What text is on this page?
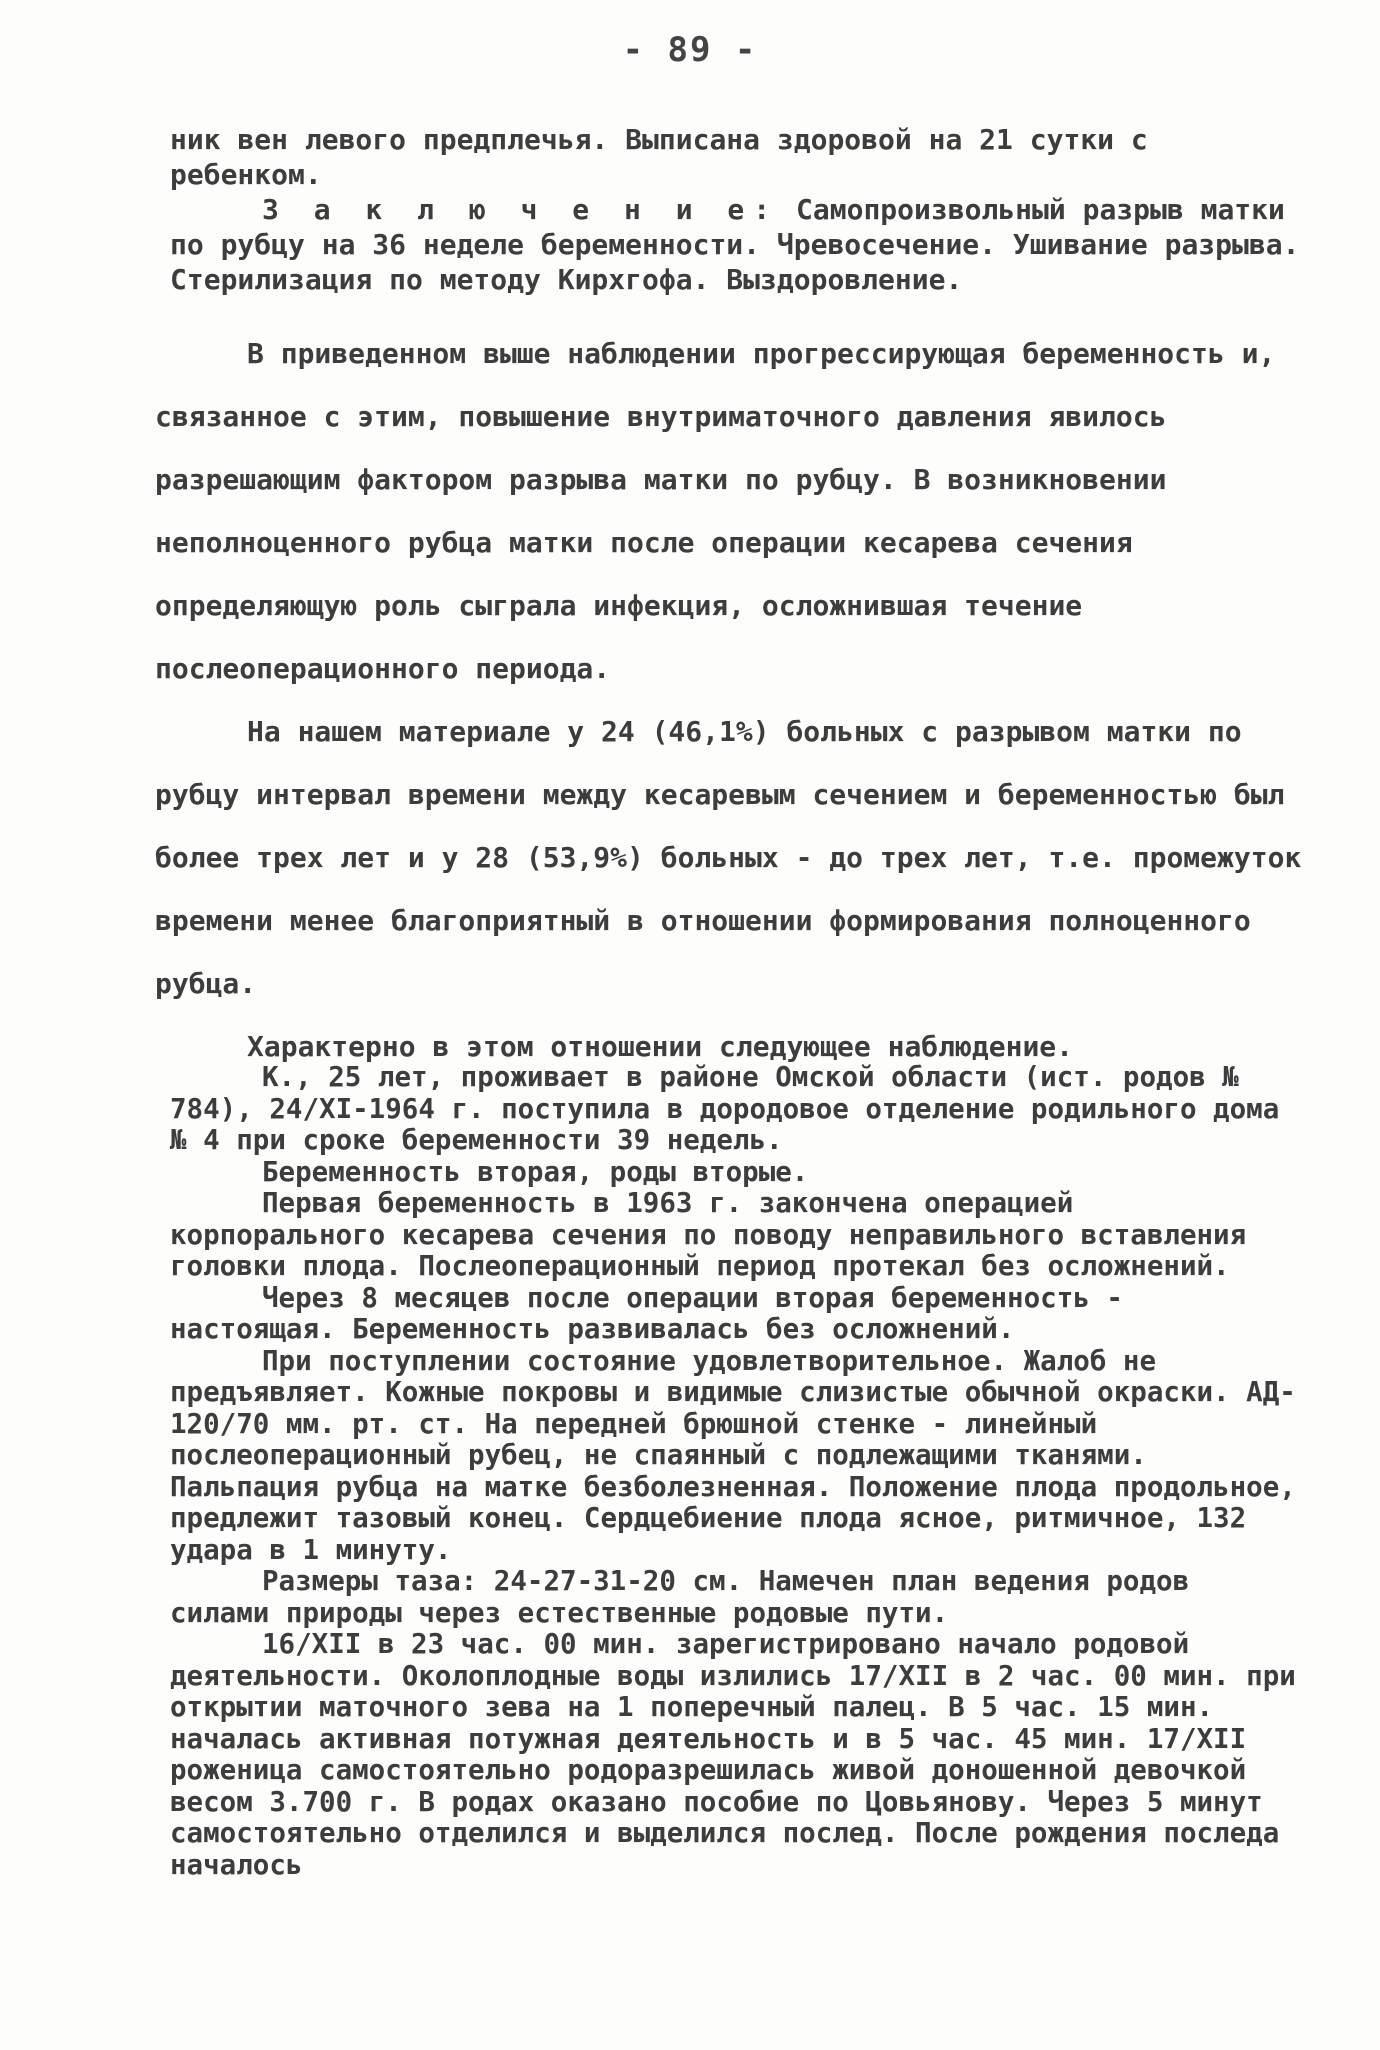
- 89 -

ник вен левого предплечья. Выписана здоровой на 21 сутки с ребенком.

З а к л ю ч е н и е: Самопроизвольный разрыв матки по рубцу на 36 неделе беременности. Чревосечение. Ушивание разрыва. Стерилизация по методу Кирхгофа. Выздоровление.

В приведенном выше наблюдении прогрессирующая беременность и, связанное с этим, повышение внутриматочного давления явилось разрешающим фактором разрыва матки по рубцу. В возникновении неполноценного рубца матки после операции кесарева сечения определяющую роль сыграла инфекция, осложнившая течение послеоперационного периода.

На нашем материале у 24 (46,1%) больных с разрывом матки по рубцу интервал времени между кесаревым сечением и беременностью был более трех лет и у 28 (53,9%) больных - до трех лет, т.е. промежуток времени менее благоприятный в отношении формирования полноценного рубца.

Характерно в этом отношении следующее наблюдение.

К., 25 лет, проживает в районе Омской области (ист. родов № 784), 24/XI-1964 г. поступила в дородовое отделение родильного дома № 4 при сроке беременности 39 недель.

Беременность вторая, роды вторые.

Первая беременность в 1963 г. закончена операцией корпорального кесарева сечения по поводу неправильного вставления головки плода. Послеоперационный период протекал без осложнений.

Через 8 месяцев после операции вторая беременность - настоящая. Беременность развивалась без осложнений.

При поступлении состояние удовлетворительное. Жалоб не предъявляет. Кожные покровы и видимые слизистые обычной окраски. АД- 120/70 мм. рт. ст. На передней брюшной стенке - линейный послеоперационный рубец, не спаянный с подлежащими тканями. Пальпация рубца на матке безболезненная. Положение плода продольное, предлежит тазовый конец. Сердцебиение плода ясное, ритмичное, 132 удара в 1 минуту.

Размеры таза: 24-27-31-20 см. Намечен план ведения родов силами природы через естественные родовые пути.

16/XII в 23 час. 00 мин. зарегистрировано начало родовой деятельности. Околоплодные воды излились 17/XII в 2 час. 00 мин. при открытии маточного зева на 1 поперечный палец. В 5 час. 15 мин. началась активная потужная деятельность и в 5 час. 45 мин. 17/XII роженица самостоятельно родоразрешилась живой доношенной девочкой весом 3.700 г. В родах оказано пособие по Цовьянову. Через 5 минут самостоятельно отделился и выделился послед. После рождения последа началось
